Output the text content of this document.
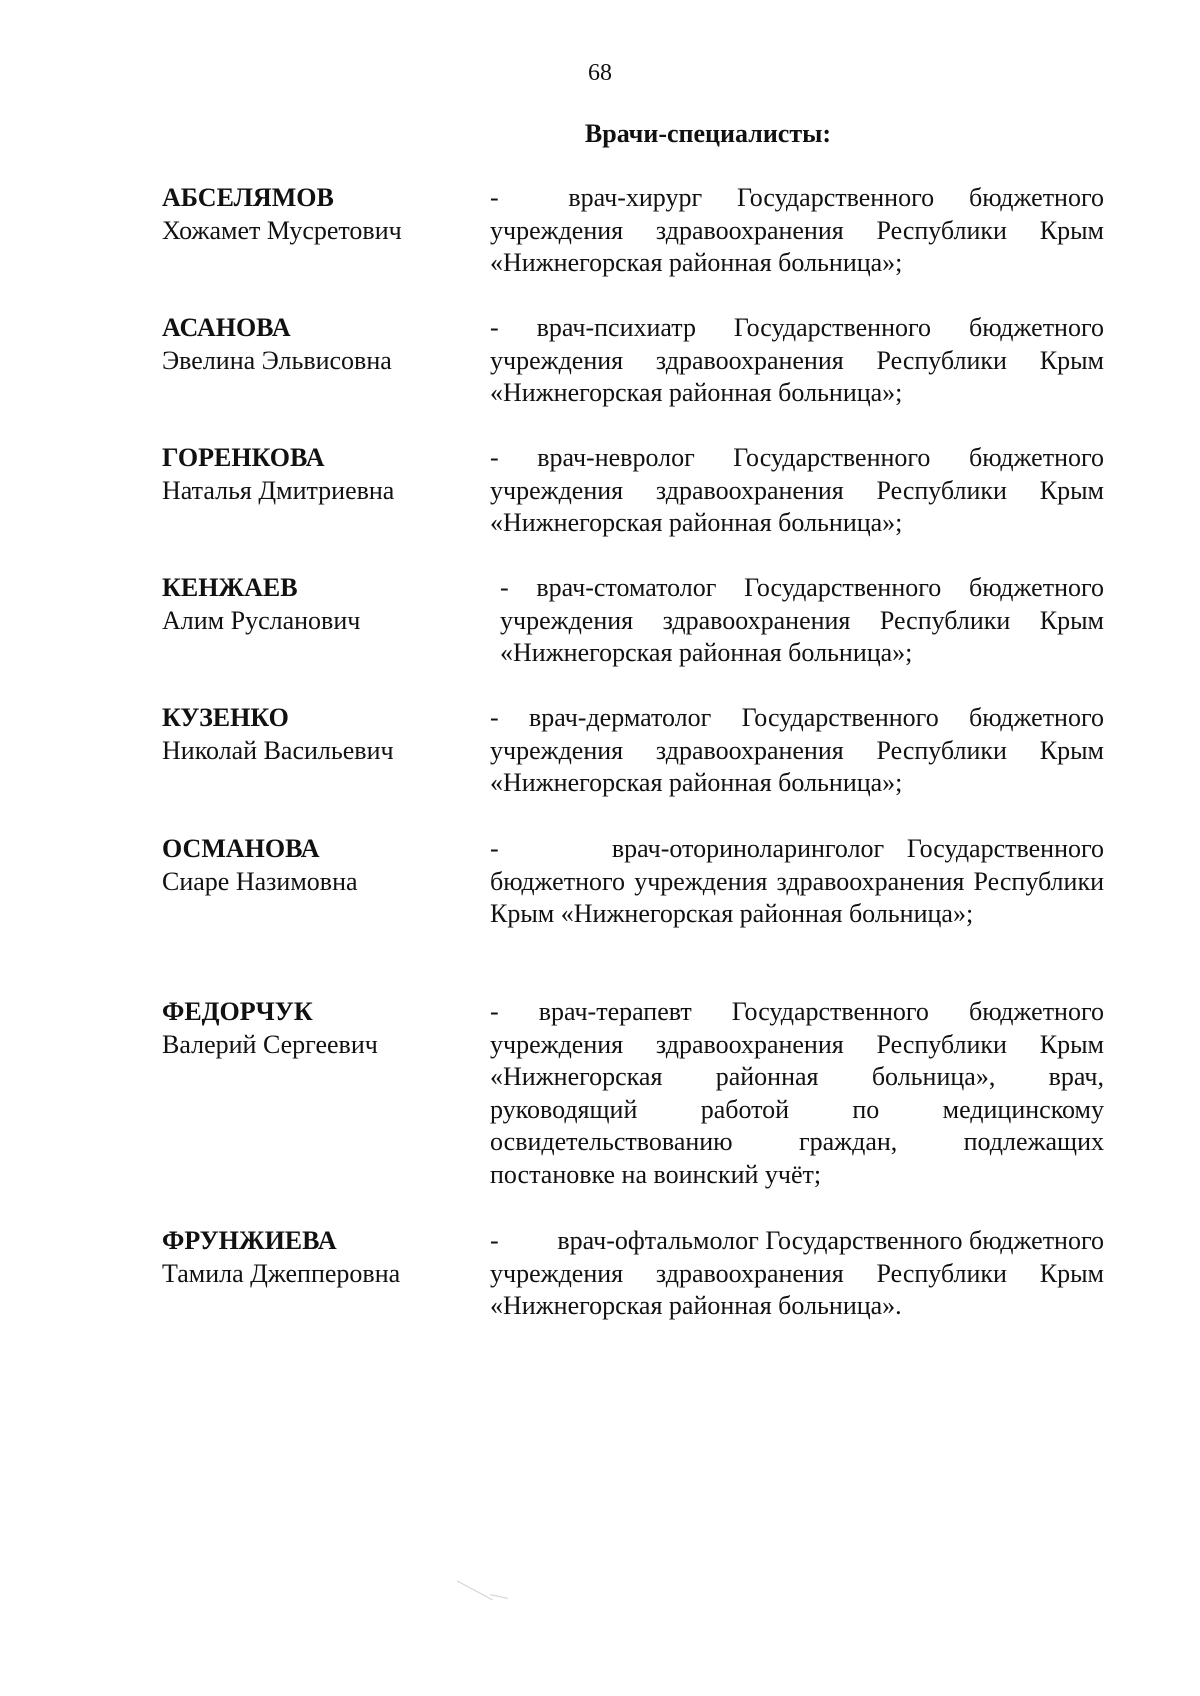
68
Врачи-специалисты:
АБСЕЛЯМОВ
Хожамет Мусретович
-  врач-хирург Государственного бюджетного учреждения здравоохранения Республики Крым «Нижнегорская районная больница»;
АСАНОВА
Эвелина Эльвисовна
- врач-психиатр Государственного бюджетного учреждения здравоохранения Республики Крым «Нижнегорская районная больница»;
ГОРЕНКОВА
Наталья Дмитриевна
- врач-невролог Государственного бюджетного учреждения здравоохранения Республики Крым «Нижнегорская районная больница»;
КЕНЖАЕВ
Алим Русланович
- врач-стоматолог Государственного бюджетного учреждения здравоохранения Республики Крым «Нижнегорская районная больница»;
КУЗЕНКО
Николай Васильевич
- врач-дерматолог Государственного бюджетного учреждения здравоохранения Республики Крым «Нижнегорская районная больница»;
ОСМАНОВА
Сиаре Назимовна
-     врач-оториноларинголог Государственного бюджетного учреждения здравоохранения Республики Крым «Нижнегорская районная больница»;
ФЕДОРЧУК
Валерий Сергеевич
- врач-терапевт Государственного бюджетного учреждения здравоохранения Республики Крым «Нижнегорская районная больница», врач, руководящий работой по медицинскому освидетельствованию граждан, подлежащих постановке на воинский учёт;
ФРУНЖИЕВА
Тамила Джепперовна
-         врач-офтальмолог Государственного бюджетного учреждения здравоохранения Республики Крым «Нижнегорская районная больница».
